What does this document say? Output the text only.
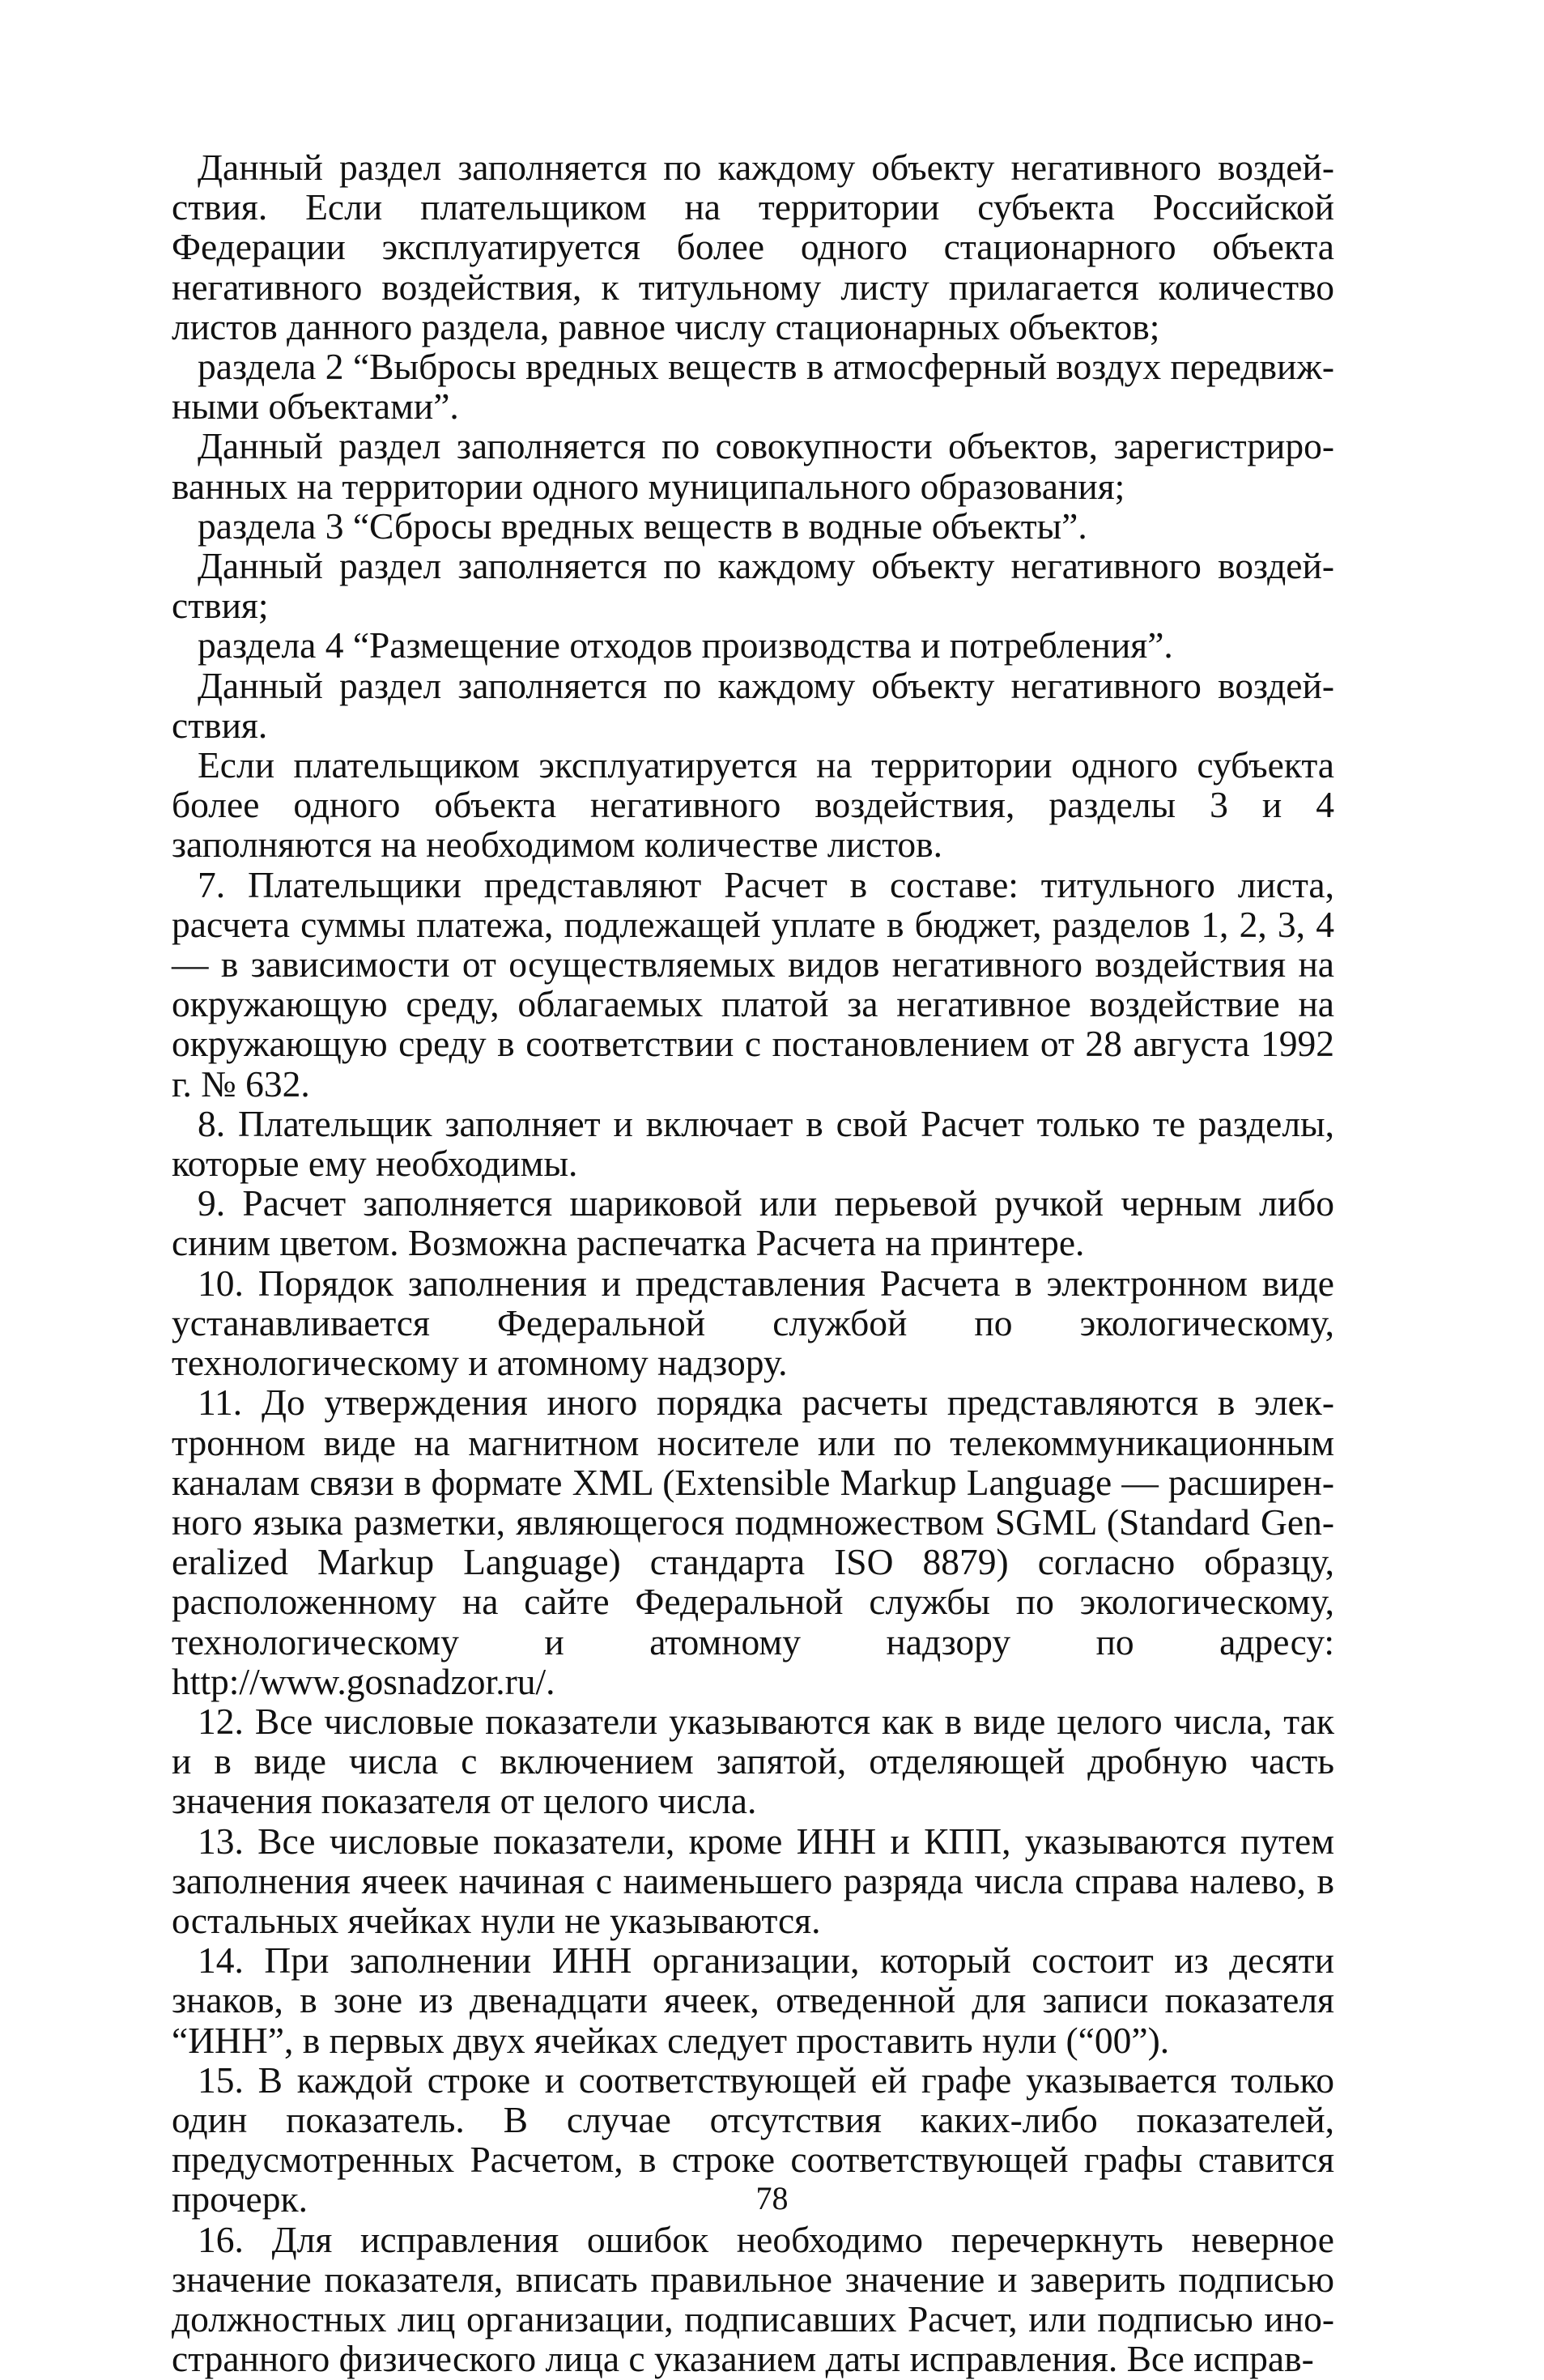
Данный раздел заполняется по каждому объекту негативного воздействия. Если плательщиком на территории субъекта Российской Федерации эксплуатируется более одного стационарного объекта негативного воздействия, к титульному листу прилагается количество листов данного раздела, равное числу стационарных объектов;

раздела 2 “Выбросы вредных веществ в атмосферный воздух передвижными объектами”.

Данный раздел заполняется по совокупности объектов, зарегистрированных на территории одного муниципального образования;

раздела 3 “Сбросы вредных веществ в водные объекты”.

Данный раздел заполняется по каждому объекту негативного воздействия;

раздела 4 “Размещение отходов производства и потребления”.

Данный раздел заполняется по каждому объекту негативного воздействия.

Если плательщиком эксплуатируется на территории одного субъекта более одного объекта негативного воздействия, разделы 3 и 4 заполняются на необходимом количестве листов.

7. Плательщики представляют Расчет в составе: титульного листа, расчета суммы платежа, подлежащей уплате в бюджет, разделов 1, 2, 3, 4 — в зависимости от осуществляемых видов негативного воздействия на окружающую среду, облагаемых платой за негативное воздействие на окружающую среду в соответствии с постановлением от 28 августа 1992 г. № 632.

8. Плательщик заполняет и включает в свой Расчет только те разделы, которые ему необходимы.

9. Расчет заполняется шариковой или перьевой ручкой черным либо синим цветом. Возможна распечатка Расчета на принтере.

10. Порядок заполнения и представления Расчета в электронном виде устанавливается Федеральной службой по экологическому, технологическому и атомному надзору.

11. До утверждения иного порядка расчеты представляются в электронном виде на магнитном носителе или по телекоммуникационным каналам связи в формате XML (Extensible Markup Language — расширенного языка разметки, являющегося подмножеством SGML (Standard Generalized Markup Language) стандарта ISO 8879) согласно образцу, расположенному на сайте Федеральной службы по экологическому, технологическому и атомному надзору по адресу: http://www.gosnadzor.ru/.

12. Все числовые показатели указываются как в виде целого числа, так и в виде числа с включением запятой, отделяющей дробную часть значения показателя от целого числа.

13. Все числовые показатели, кроме ИНН и КПП, указываются путем заполнения ячеек начиная с наименьшего разряда числа справа налево, в остальных ячейках нули не указываются.

14. При заполнении ИНН организации, который состоит из десяти знаков, в зоне из двенадцати ячеек, отведенной для записи показателя “ИНН”, в первых двух ячейках следует проставить нули (“00”).

15. В каждой строке и соответствующей ей графе указывается только один показатель. В случае отсутствия каких-либо показателей, предусмотренных Расчетом, в строке соответствующей графы ставится прочерк.

16. Для исправления ошибок необходимо перечеркнуть неверное значение показателя, вписать правильное значение и заверить подписью должностных лиц организации, подписавших Расчет, или подписью иностранного физического лица с указанием даты исправления. Все исправ-

78
